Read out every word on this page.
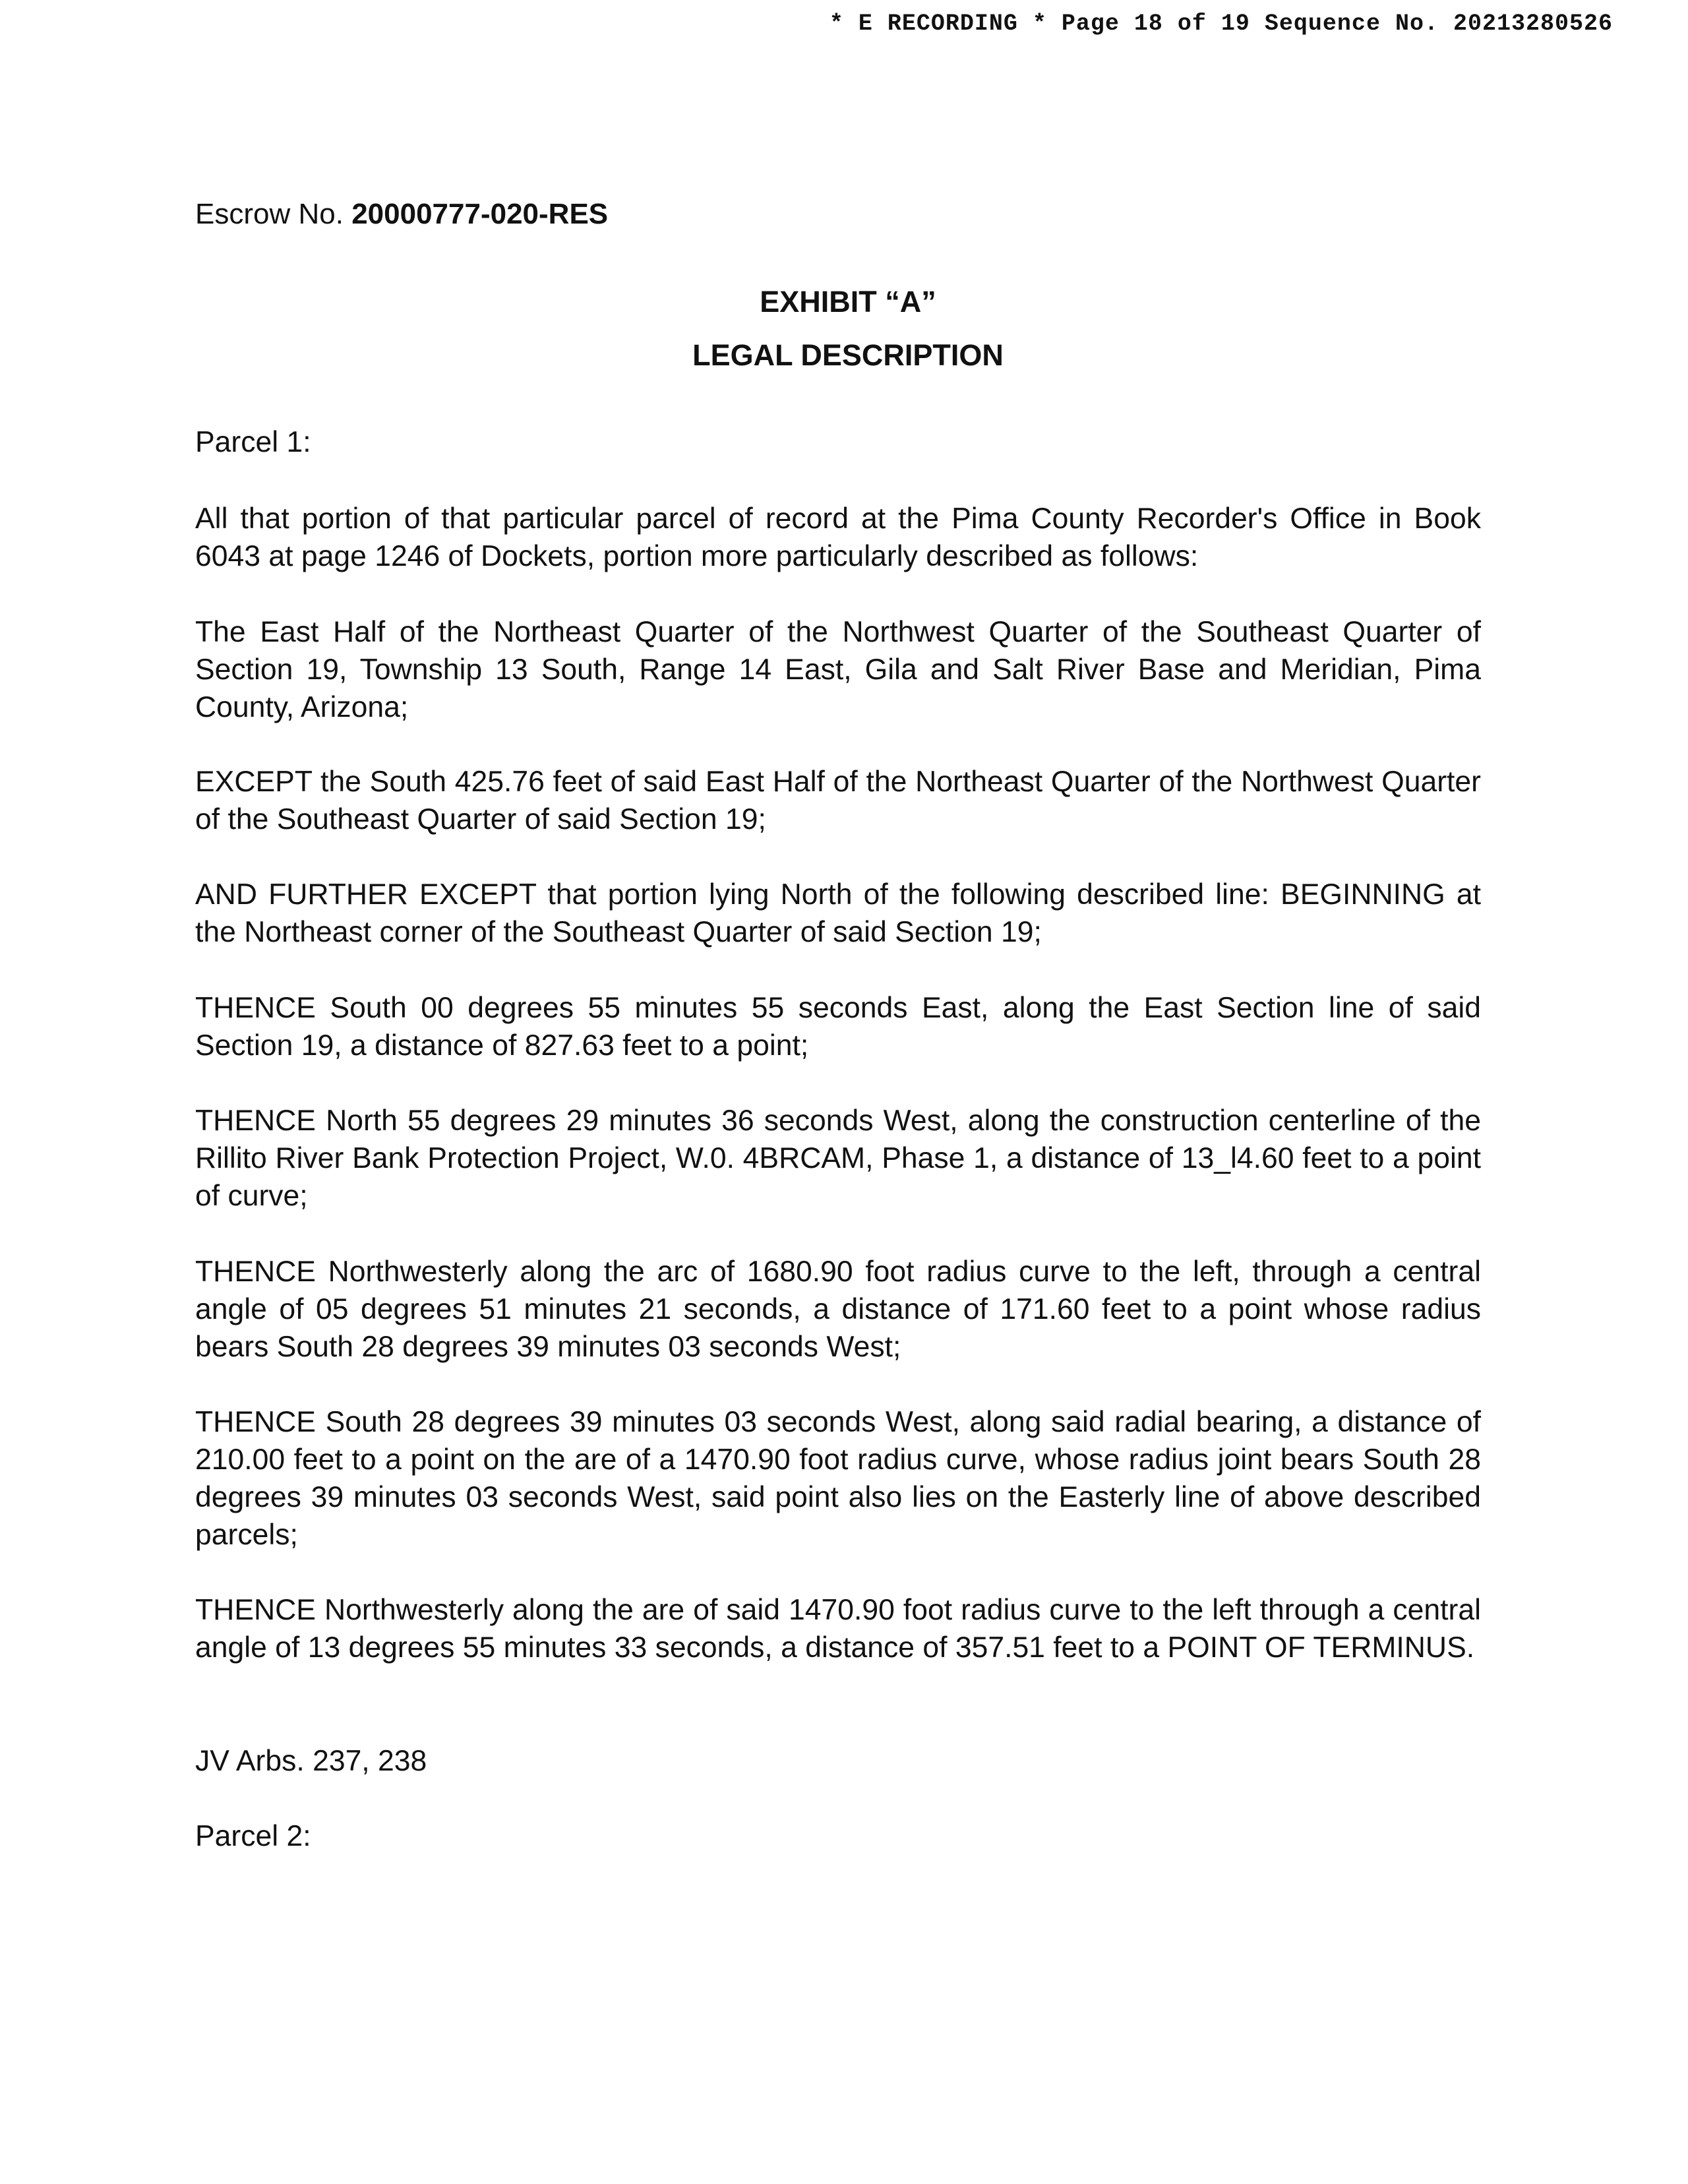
* E RECORDING * Page 18 of 19 Sequence No. 20213280526
Escrow No. 20000777-020-RES
EXHIBIT “A”
LEGAL DESCRIPTION
Parcel 1:
All that portion of that particular parcel of record at the Pima County Recorder's Office in Book 6043 at page 1246 of Dockets, portion more particularly described as follows:
The East Half of the Northeast Quarter of the Northwest Quarter of the Southeast Quarter of Section 19, Township 13 South, Range 14 East, Gila and Salt River Base and Meridian, Pima County, Arizona;
EXCEPT the South 425.76 feet of said East Half of the Northeast Quarter of the Northwest Quarter of the Southeast Quarter of said Section 19;
AND FURTHER EXCEPT that portion lying North of the following described line: BEGINNING at the Northeast corner of the Southeast Quarter of said Section 19;
THENCE South 00 degrees 55 minutes 55 seconds East, along the East Section line of said Section 19, a distance of 827.63 feet to a point;
THENCE North 55 degrees 29 minutes 36 seconds West, along the construction centerline of the Rillito River Bank Protection Project, W.0. 4BRCAM, Phase 1, a distance of 13_l4.60 feet to a point of curve;
THENCE Northwesterly along the arc of 1680.90 foot radius curve to the left, through a central angle of 05 degrees 51 minutes 21 seconds, a distance of 171.60 feet to a point whose radius bears South 28 degrees 39 minutes 03 seconds West;
THENCE South 28 degrees 39 minutes 03 seconds West, along said radial bearing, a distance of 210.00 feet to a point on the are of a 1470.90 foot radius curve, whose radius joint bears South 28 degrees 39 minutes 03 seconds West, said point also lies on the Easterly line of above described parcels;
THENCE Northwesterly along the are of said 1470.90 foot radius curve to the left through a central angle of 13 degrees 55 minutes 33 seconds, a distance of 357.51 feet to a POINT OF TERMINUS.
JV Arbs. 237, 238
Parcel 2:
